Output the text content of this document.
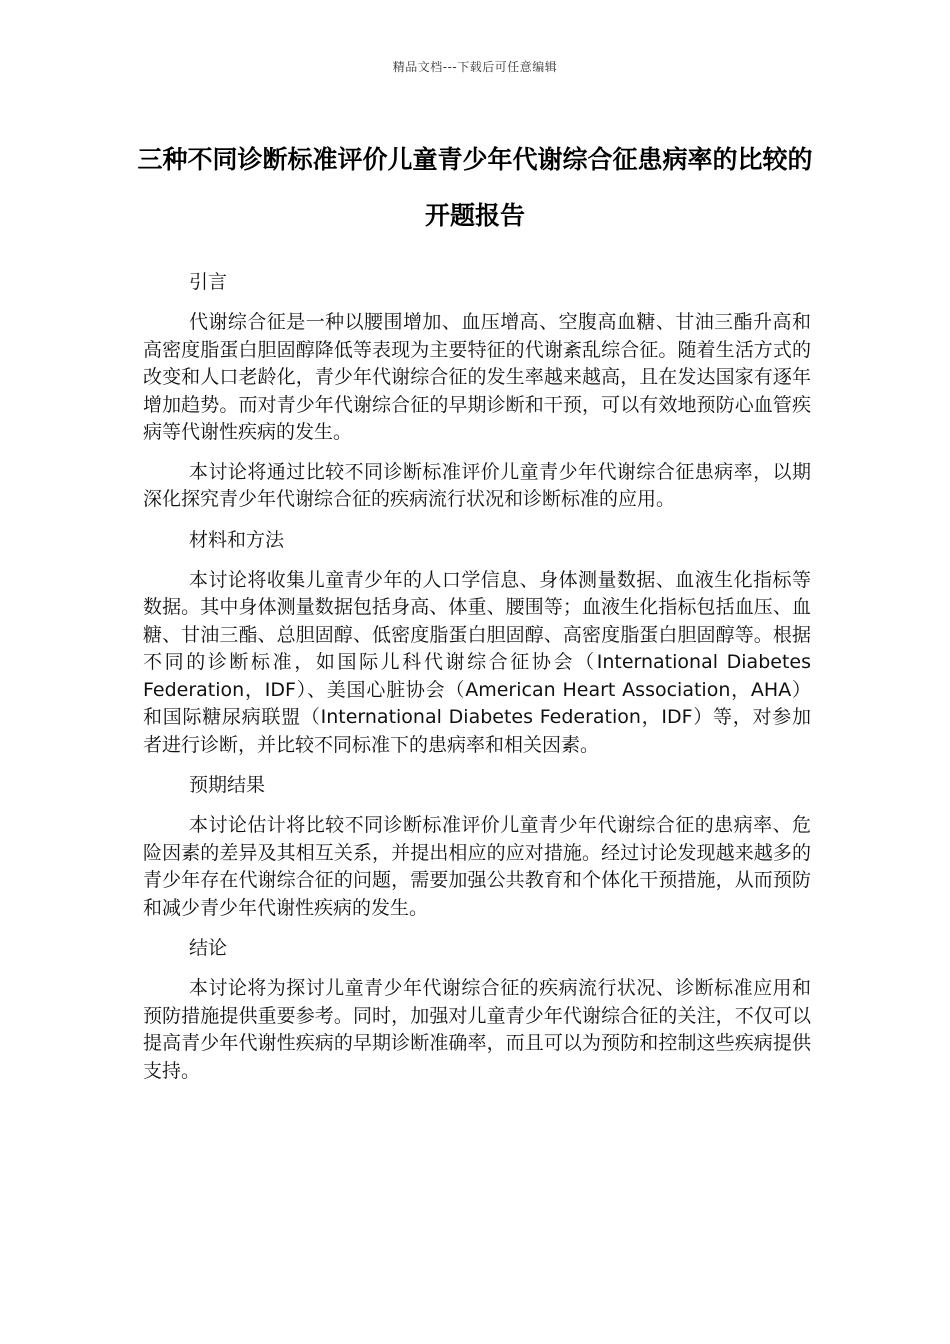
精品文档---下载后可任意编辑
三种不同诊断标准评价儿童青少年代谢综合征患病率的比较的开题报告

引言

代谢综合征是一种以腰围增加、血压增高、空腹高血糖、甘油三酯升高和高密度脂蛋白胆固醇降低等表现为主要特征的代谢紊乱综合征。随着生活方式的改变和人口老龄化，青少年代谢综合征的发生率越来越高，且在发达国家有逐年增加趋势。而对青少年代谢综合征的早期诊断和干预，可以有效地预防心血管疾病等代谢性疾病的发生。

本讨论将通过比较不同诊断标准评价儿童青少年代谢综合征患病率，以期深化探究青少年代谢综合征的疾病流行状况和诊断标准的应用。

材料和方法

本讨论将收集儿童青少年的人口学信息、身体测量数据、血液生化指标等数据。其中身体测量数据包括身高、体重、腰围等；血液生化指标包括血压、血糖、甘油三酯、总胆固醇、低密度脂蛋白胆固醇、高密度脂蛋白胆固醇等。根据不同的诊断标准，如国际儿科代谢综合征协会（International Diabetes Federation，IDF）、美国心脏协会（American Heart Association，AHA）和国际糖尿病联盟（International Diabetes Federation，IDF）等，对参加者进行诊断，并比较不同标准下的患病率和相关因素。

预期结果

本讨论估计将比较不同诊断标准评价儿童青少年代谢综合征的患病率、危险因素的差异及其相互关系，并提出相应的应对措施。经过讨论发现越来越多的青少年存在代谢综合征的问题，需要加强公共教育和个体化干预措施，从而预防和减少青少年代谢性疾病的发生。

结论

本讨论将为探讨儿童青少年代谢综合征的疾病流行状况、诊断标准应用和预防措施提供重要参考。同时，加强对儿童青少年代谢综合征的关注，不仅可以提高青少年代谢性疾病的早期诊断准确率，而且可以为预防和控制这些疾病提供支持。
